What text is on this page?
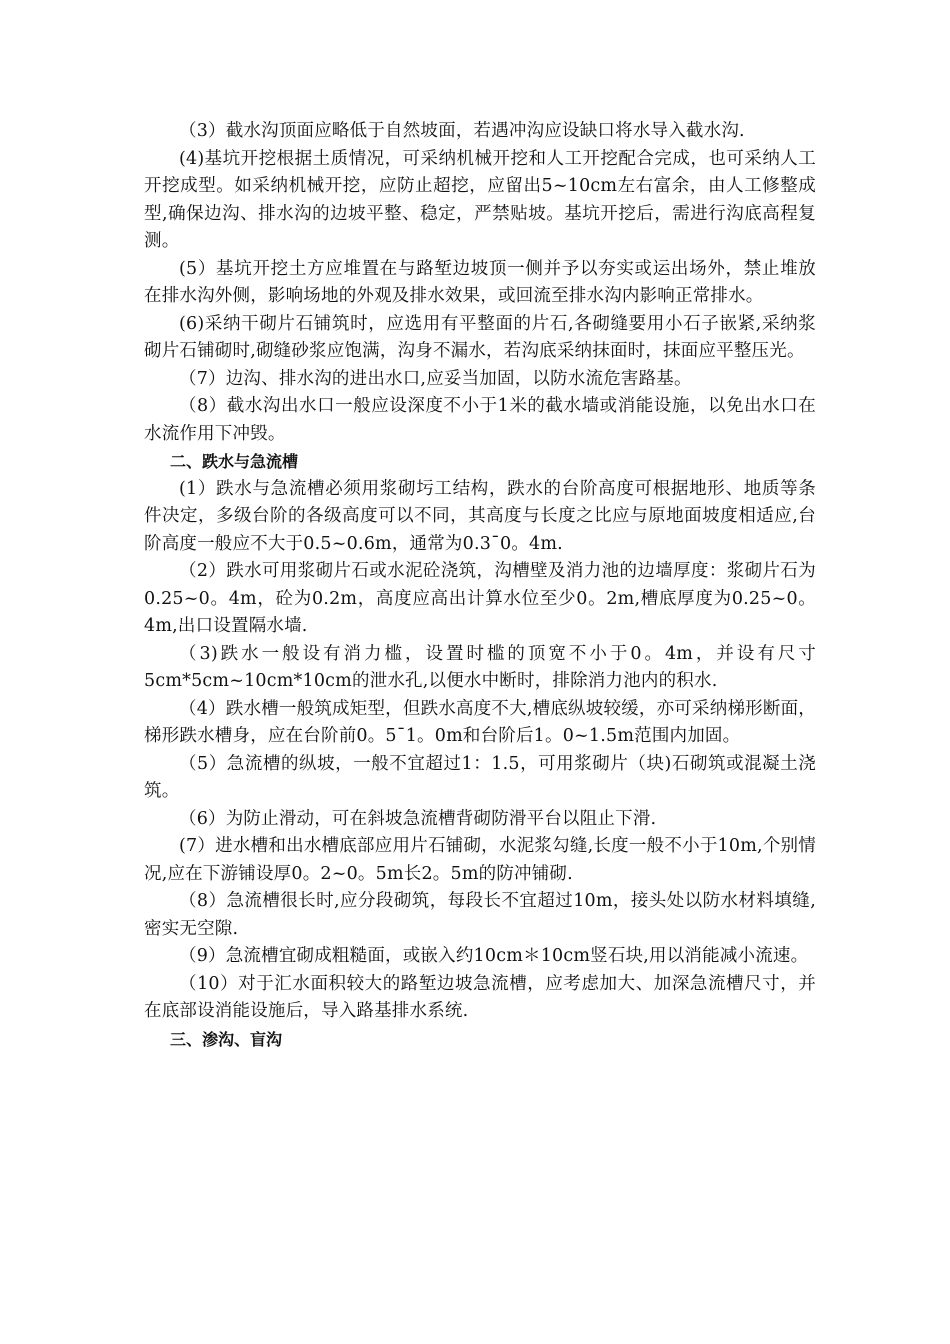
（3）截水沟顶面应略低于自然坡面，若遇冲沟应设缺口将水导入截水沟.

(4)基坑开挖根据土质情况，可采纳机械开挖和人工开挖配合完成，也可采纳人工开挖成型。如采纳机械开挖，应防止超挖，应留出5~10cm左右富余，由人工修整成型,确保边沟、排水沟的边坡平整、稳定，严禁贴坡。基坑开挖后，需进行沟底高程复测。

(5）基坑开挖土方应堆置在与路堑边坡顶一侧并予以夯实或运出场外，禁止堆放在排水沟外侧，影响场地的外观及排水效果，或回流至排水沟内影响正常排水。

(6)采纳干砌片石铺筑时，应选用有平整面的片石,各砌缝要用小石子嵌紧,采纳浆砌片石铺砌时,砌缝砂浆应饱满，沟身不漏水，若沟底采纳抹面时，抹面应平整压光。

（7）边沟、排水沟的进出水口,应妥当加固，以防水流危害路基。

（8）截水沟出水口一般应设深度不小于1米的截水墙或消能设施，以免出水口在水流作用下冲毁。

二、跌水与急流槽

(1）跌水与急流槽必须用浆砌圬工结构，跌水的台阶高度可根据地形、地质等条件决定，多级台阶的各级高度可以不同，其高度与长度之比应与原地面坡度相适应,台阶高度一般应不大于0.5~0.6m，通常为0.3¯0。4m.

（2）跌水可用浆砌片石或水泥砼浇筑，沟槽壁及消力池的边墙厚度：浆砌片石为0.25~0。4m，砼为0.2m，高度应高出计算水位至少0。2m,槽底厚度为0.25~0。4m,出口设置隔水墙.

（3)跌水一般设有消力槛，设置时槛的顶宽不小于0。4m，并设有尺寸5cm*5cm~10cm*10cm的泄水孔,以便水中断时，排除消力池内的积水.

（4）跌水槽一般筑成矩型，但跌水高度不大,槽底纵坡较缓，亦可采纳梯形断面，梯形跌水槽身，应在台阶前0。5¯1。0m和台阶后1。0~1.5m范围内加固。

（5）急流槽的纵坡，一般不宜超过1：1.5，可用浆砌片（块)石砌筑或混凝土浇筑。

（6）为防止滑动，可在斜坡急流槽背砌防滑平台以阻止下滑.

(7）进水槽和出水槽底部应用片石铺砌，水泥浆勾缝,长度一般不小于10m,个别情况,应在下游铺设厚0。2~0。5m长2。5m的防冲铺砌.

（8）急流槽很长时,应分段砌筑，每段长不宜超过10m，接头处以防水材料填缝,密实无空隙.

（9）急流槽宜砌成粗糙面，或嵌入约10cm＊10cm竖石块,用以消能减小流速。

（10）对于汇水面积较大的路堑边坡急流槽，应考虑加大、加深急流槽尺寸，并在底部设消能设施后，导入路基排水系统.

三、渗沟、盲沟
